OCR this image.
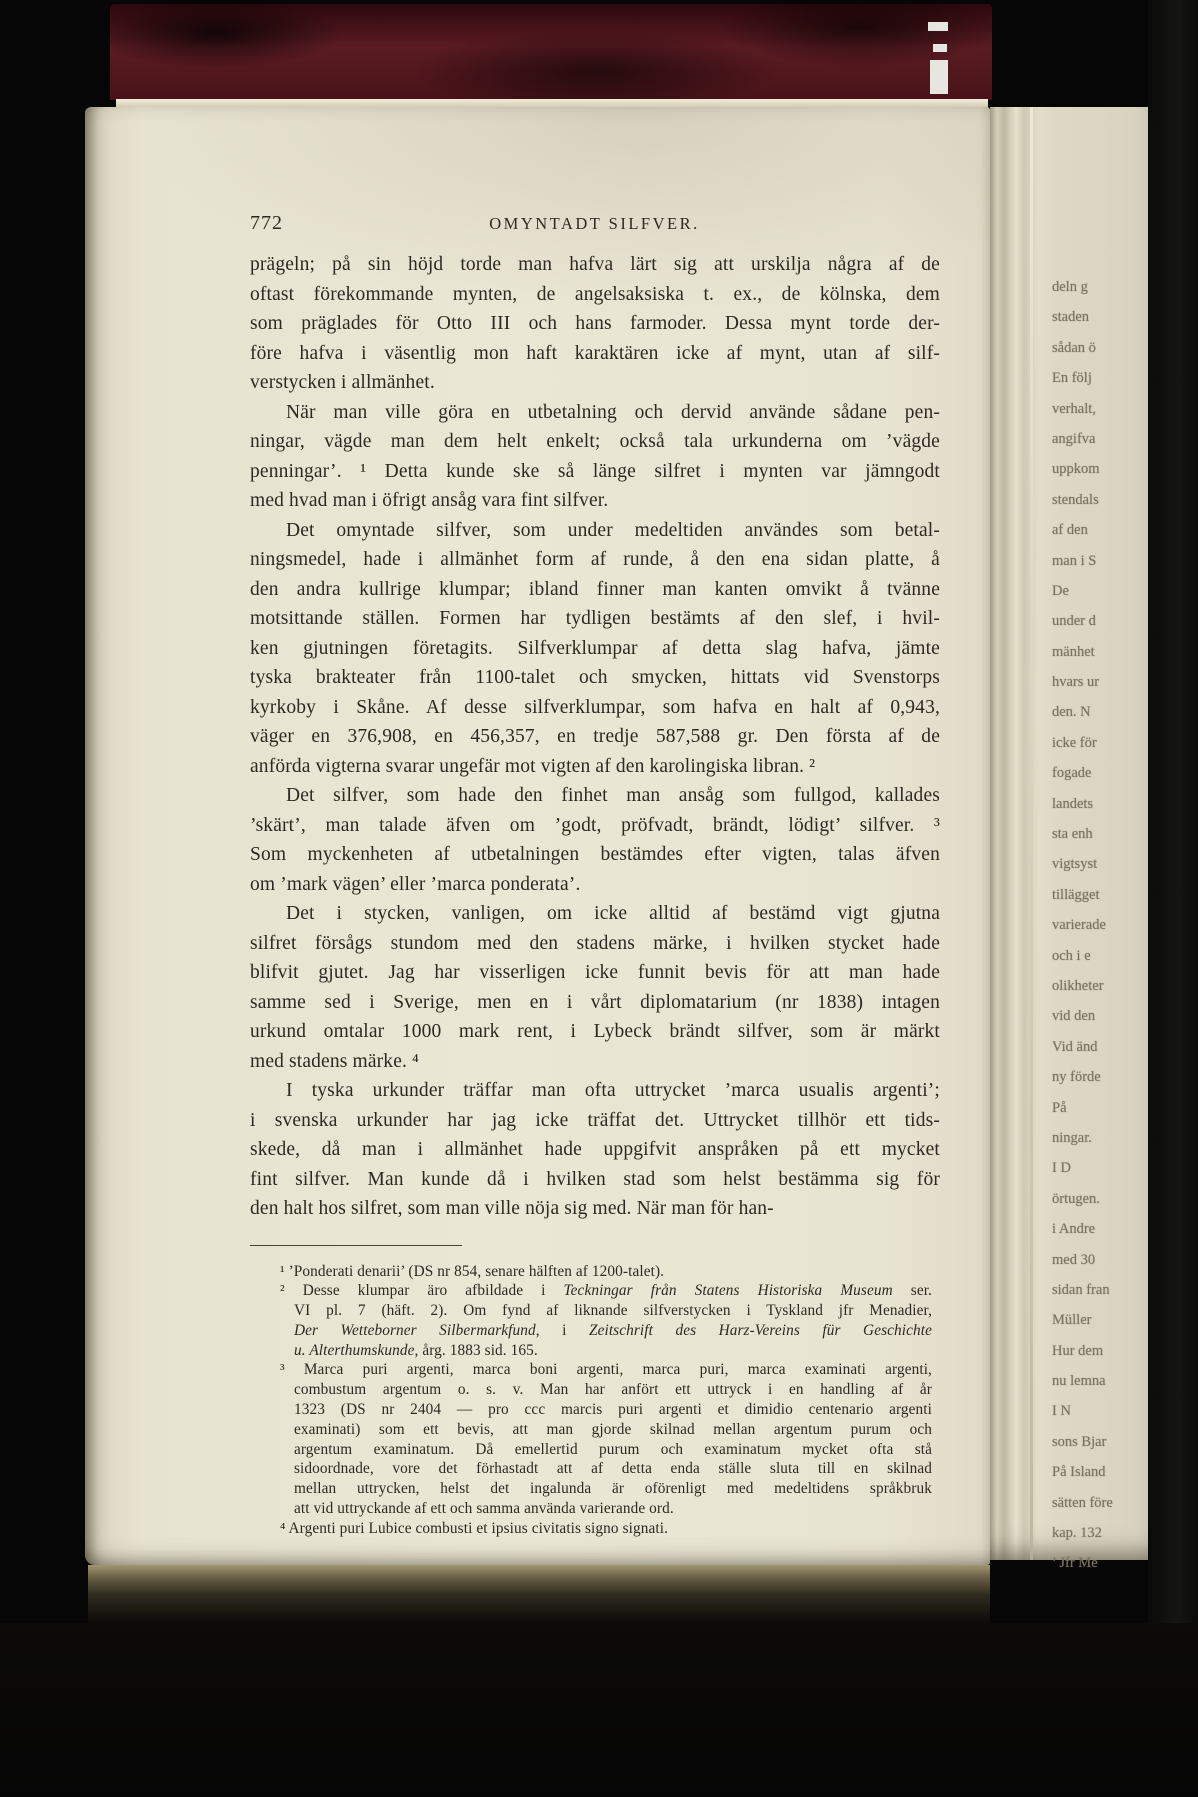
772	OMYNTADT SILFVER.
prägeln; på sin höjd torde man hafva lärt sig att urskilja några af de
oftast förekommande mynten, de angelsaksiska t. ex., de kölnska, dem
som präglades för Otto III och hans farmoder. Dessa mynt torde der-
före hafva i väsentlig mon haft karaktären icke af mynt, utan af silf-
verstycken i allmänhet.
När man ville göra en utbetalning och dervid använde sådane pen-
ningar, vägde man dem helt enkelt; också tala urkunderna om ’vägde
penningar’. ¹ Detta kunde ske så länge silfret i mynten var jämngodt
med hvad man i öfrigt ansåg vara fint silfver.
Det omyntade silfver, som under medeltiden användes som betal-
ningsmedel, hade i allmänhet form af runde, å den ena sidan platte, å
den andra kullrige klumpar; ibland finner man kanten omvikt å tvänne
motsittande ställen. Formen har tydligen bestämts af den slef, i hvil-
ken gjutningen företagits. Silfverklumpar af detta slag hafva, jämte
tyska brakteater från 1100-talet och smycken, hittats vid Svenstorps
kyrkoby i Skåne. Af desse silfverklumpar, som hafva en halt af 0,943,
väger en 376,908, en 456,357, en tredje 587,588 gr. Den första af de
anförda vigterna svarar ungefär mot vigten af den karolingiska libran. ²
Det silfver, som hade den finhet man ansåg som fullgod, kallades
’skärt’, man talade äfven om ’godt, pröfvadt, brändt, lödigt’ silfver. ³
Som myckenheten af utbetalningen bestämdes efter vigten, talas äfven
om ’mark vägen’ eller ’marca ponderata’.
Det i stycken, vanligen, om icke alltid af bestämd vigt gjutna
silfret försågs stundom med den stadens märke, i hvilken stycket hade
blifvit gjutet. Jag har visserligen icke funnit bevis för att man hade
samme sed i Sverige, men en i vårt diplomatarium (nr 1838) intagen
urkund omtalar 1000 mark rent, i Lybeck brändt silfver, som är märkt
med stadens märke. ⁴
I tyska urkunder träffar man ofta uttrycket ’marca usualis argenti’;
i svenska urkunder har jag icke träffat det. Uttrycket tillhör ett tids-
skede, då man i allmänhet hade uppgifvit anspråken på ett mycket
fint silfver. Man kunde då i hvilken stad som helst bestämma sig för
den halt hos silfret, som man ville nöja sig med. När man för han-
¹ ’Ponderati denarii’ (DS nr 854, senare hälften af 1200-talet).
² Desse klumpar äro afbildade i Teckningar från Statens Historiska Museum ser.
VI pl. 7 (häft. 2). Om fynd af liknande silfverstycken i Tyskland jfr Menadier,
Der Wetteborner Silbermarkfund, i Zeitschrift des Harz-Vereins für Geschichte
u. Alterthumskunde, årg. 1883 sid. 165.
³ Marca puri argenti, marca boni argenti, marca puri, marca examinati argenti,
combustum argentum o. s. v. Man har anfört ett uttryck i en handling af år
1323 (DS nr 2404 — pro ccc marcis puri argenti et dimidio centenario argenti
examinati) som ett bevis, att man gjorde skilnad mellan argentum purum och
argentum examinatum. Då emellertid purum och examinatum mycket ofta stå
sidoordnade, vore det förhastadt att af detta enda ställe sluta till en skilnad
mellan uttrycken, helst det ingalunda är oförenligt med medeltidens språkbruk
att vid uttryckande af ett och samma använda varierande ord.
⁴ Argenti puri Lubice combusti et ipsius civitatis signo signati.
deln g
staden
sådan ö
En följ
verhalt,
angifva
uppkom
stendals
af den
man i S
De
under d
mänhet
hvars ur
den. N
icke för
fogade
landets
sta enh
vigtsyst
tillägget
varierade
och i e
olikheter
vid den
Vid änd
ny förde
På
ningar.
I D
örtugen.
i Andre
med 30
sidan fran
Müller
Hur dem
nu lemna
I N
sons Bjar
På Island
sätten före
kap. 132
’ Jfr Me
